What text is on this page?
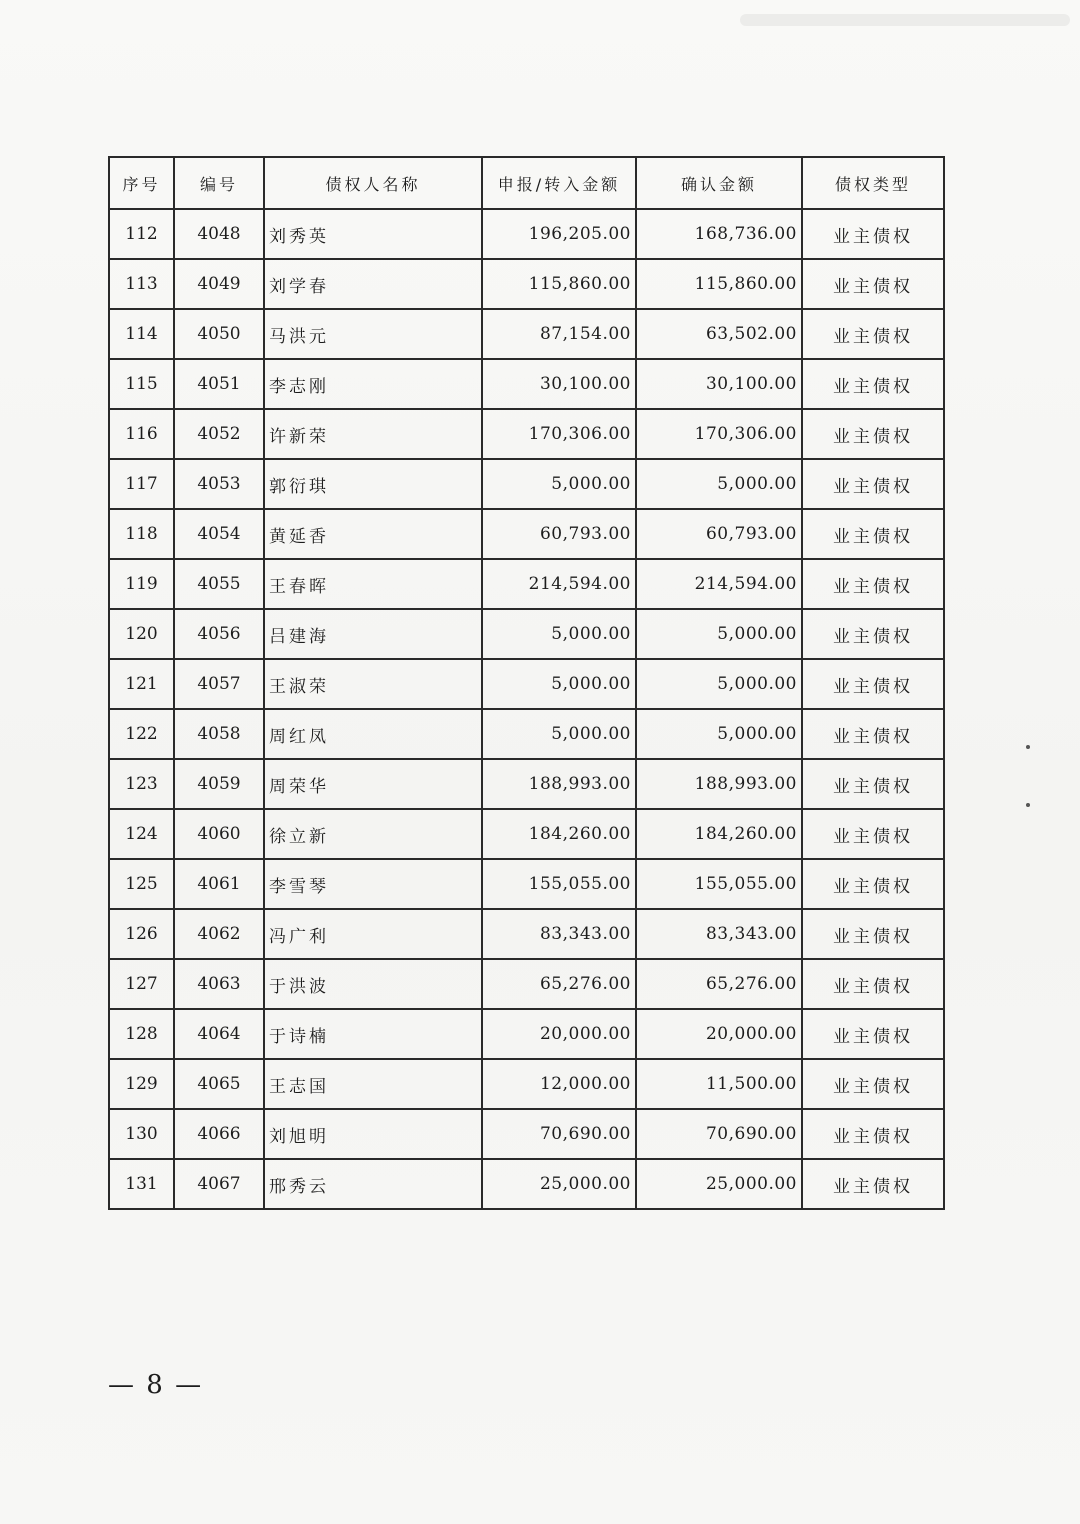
序号	编号	债权人名称	申报/转入金额	确认金额	债权类型
112	4048	刘秀英	196,205.00	168,736.00	业主债权
113	4049	刘学春	115,860.00	115,860.00	业主债权
114	4050	马洪元	87,154.00	63,502.00	业主债权
115	4051	李志刚	30,100.00	30,100.00	业主债权
116	4052	许新荣	170,306.00	170,306.00	业主债权
117	4053	郭衍琪	5,000.00	5,000.00	业主债权
118	4054	黄延香	60,793.00	60,793.00	业主债权
119	4055	王春晖	214,594.00	214,594.00	业主债权
120	4056	吕建海	5,000.00	5,000.00	业主债权
121	4057	王淑荣	5,000.00	5,000.00	业主债权
122	4058	周红凤	5,000.00	5,000.00	业主债权
123	4059	周荣华	188,993.00	188,993.00	业主债权
124	4060	徐立新	184,260.00	184,260.00	业主债权
125	4061	李雪琴	155,055.00	155,055.00	业主债权
126	4062	冯广利	83,343.00	83,343.00	业主债权
127	4063	于洪波	65,276.00	65,276.00	业主债权
128	4064	于诗楠	20,000.00	20,000.00	业主债权
129	4065	王志国	12,000.00	11,500.00	业主债权
130	4066	刘旭明	70,690.00	70,690.00	业主债权
131	4067	邢秀云	25,000.00	25,000.00	业主债权
— 8 —
